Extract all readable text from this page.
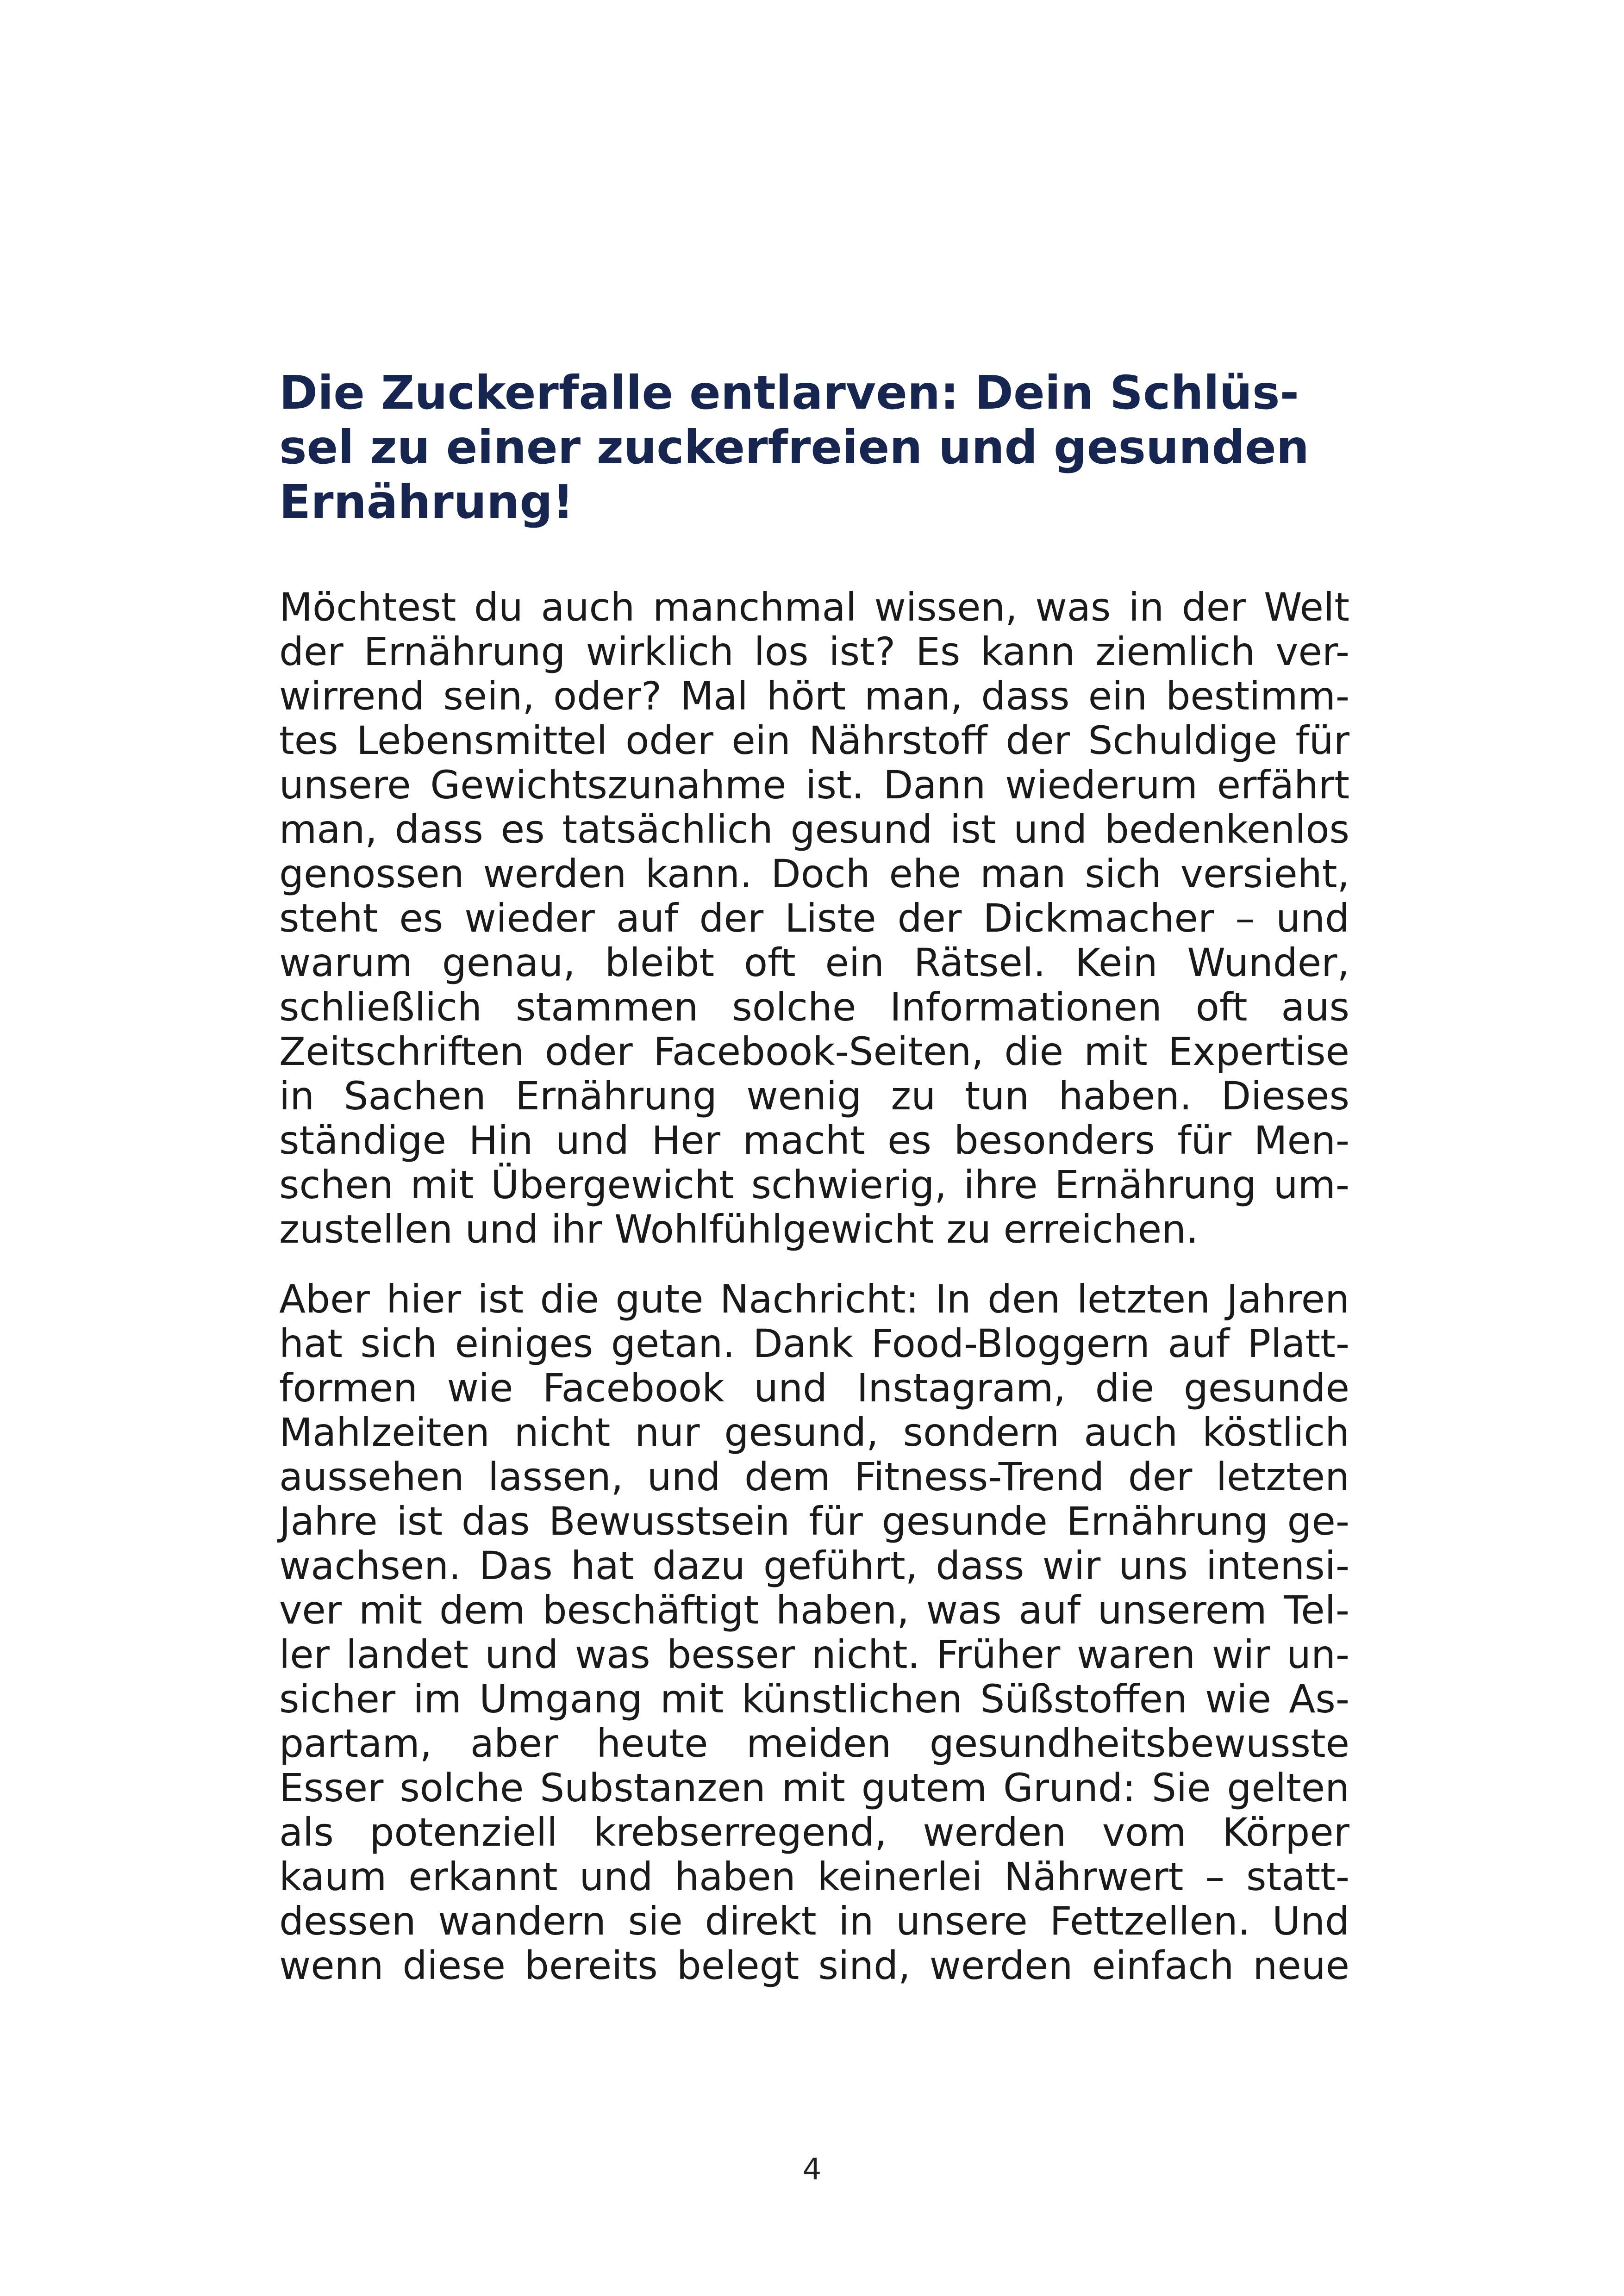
Die Zuckerfalle entlarven: Dein Schlüs-
sel zu einer zuckerfreien und gesunden
Ernährung!

Möchtest du auch manchmal wissen, was in der Welt
der Ernährung wirklich los ist? Es kann ziemlich ver-
wirrend sein, oder? Mal hört man, dass ein bestimm-
tes Lebensmittel oder ein Nährstoff der Schuldige für
unsere Gewichtszunahme ist. Dann wiederum erfährt
man, dass es tatsächlich gesund ist und bedenkenlos
genossen werden kann. Doch ehe man sich versieht,
steht es wieder auf der Liste der Dickmacher – und
warum genau, bleibt oft ein Rätsel. Kein Wunder,
schließlich stammen solche Informationen oft aus
Zeitschriften oder Facebook-Seiten, die mit Expertise
in Sachen Ernährung wenig zu tun haben. Dieses
ständige Hin und Her macht es besonders für Men-
schen mit Übergewicht schwierig, ihre Ernährung um-
zustellen und ihr Wohlfühlgewicht zu erreichen.

Aber hier ist die gute Nachricht: In den letzten Jahren
hat sich einiges getan. Dank Food-Bloggern auf Platt-
formen wie Facebook und Instagram, die gesunde
Mahlzeiten nicht nur gesund, sondern auch köstlich
aussehen lassen, und dem Fitness-Trend der letzten
Jahre ist das Bewusstsein für gesunde Ernährung ge-
wachsen. Das hat dazu geführt, dass wir uns intensi-
ver mit dem beschäftigt haben, was auf unserem Tel-
ler landet und was besser nicht. Früher waren wir un-
sicher im Umgang mit künstlichen Süßstoffen wie As-
partam, aber heute meiden gesundheitsbewusste
Esser solche Substanzen mit gutem Grund: Sie gelten
als potenziell krebserregend, werden vom Körper
kaum erkannt und haben keinerlei Nährwert – statt-
dessen wandern sie direkt in unsere Fettzellen. Und
wenn diese bereits belegt sind, werden einfach neue

4
